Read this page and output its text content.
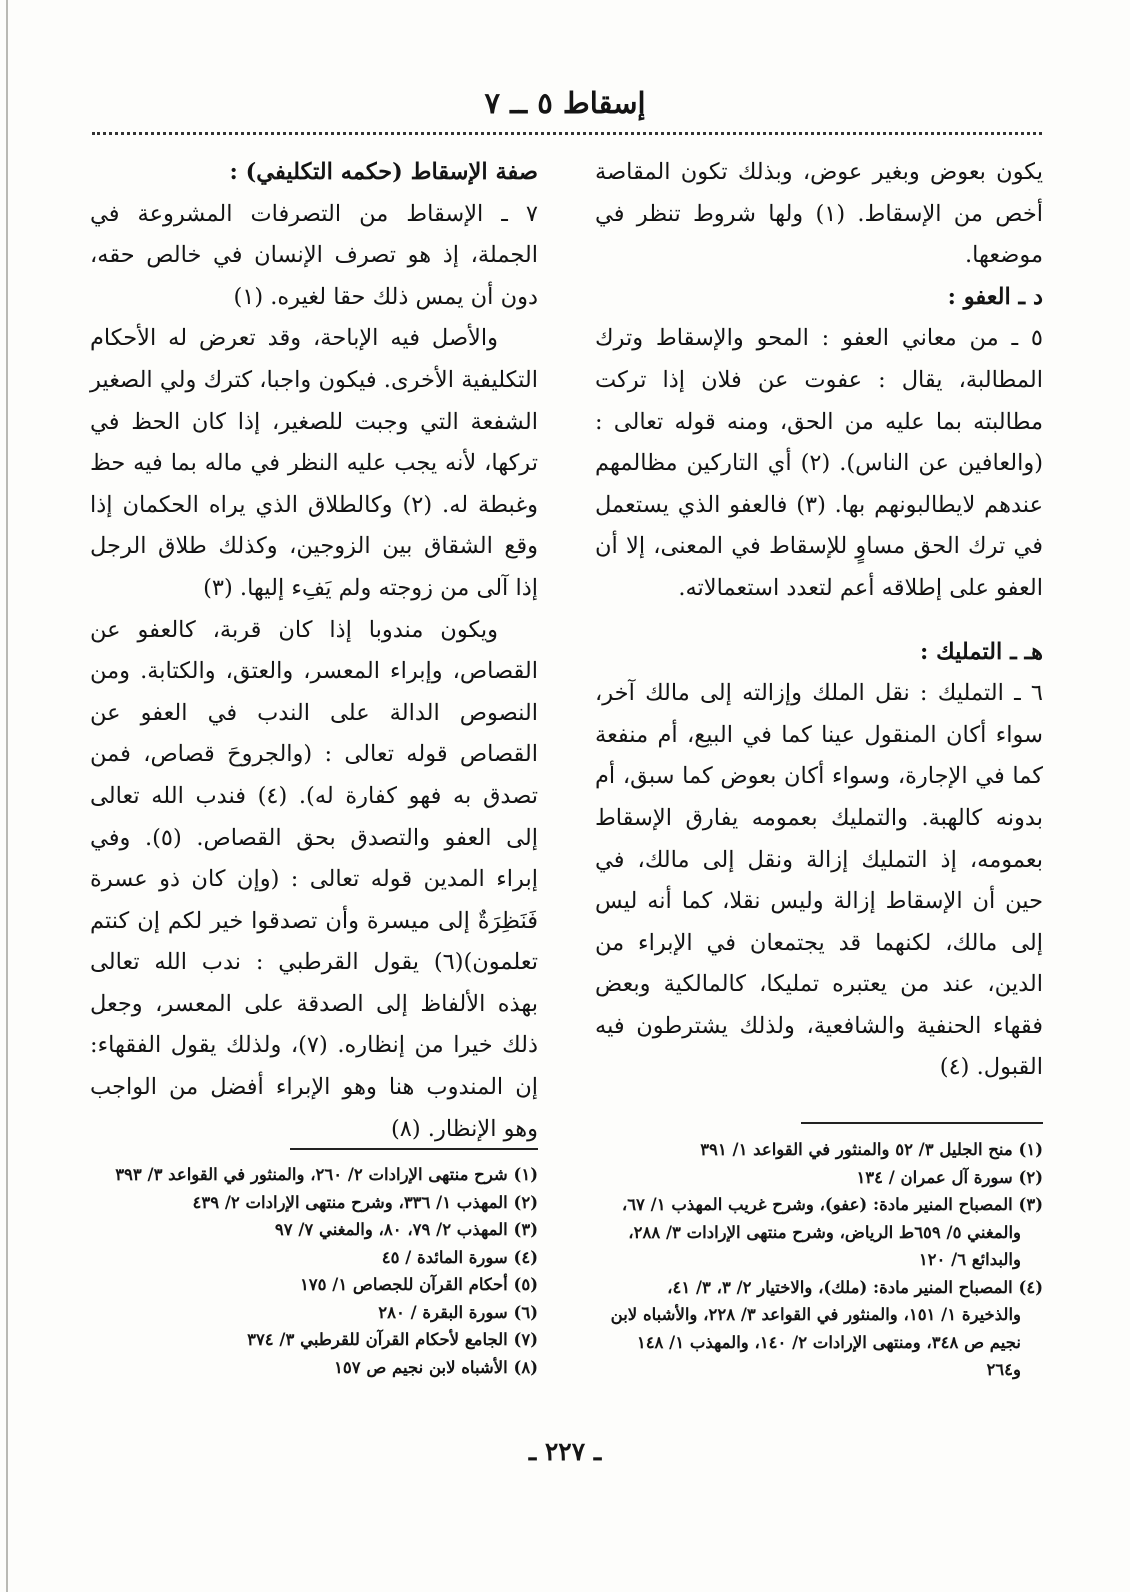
إسقاط ٥ ــ ٧

يكون بعوض وبغير عوض، وبذلك تكون المقاصة أخص من الإسقاط. (١) ولها شروط تنظر في موضعها.

د ـ العفو :

٥ ـ من معاني العفو : المحو والإسقاط وترك المطالبة، يقال : عفوت عن فلان إذا تركت مطالبته بما عليه من الحق، ومنه قوله تعالى : (والعافين عن الناس). (٢) أي التاركين مظالمهم عندهم لايطالبونهم بها. (٣) فالعفو الذي يستعمل في ترك الحق مساوٍ للإسقاط في المعنى، إلا أن العفو على إطلاقه أعم لتعدد استعمالاته.

هـ ـ التمليك :

٦ ـ التمليك : نقل الملك وإزالته إلى مالك آخر، سواء أكان المنقول عينا كما في البيع، أم منفعة كما في الإجارة، وسواء أكان بعوض كما سبق، أم بدونه كالهبة. والتمليك بعمومه يفارق الإسقاط بعمومه، إذ التمليك إزالة ونقل إلى مالك، في حين أن الإسقاط إزالة وليس نقلا، كما أنه ليس إلى مالك، لكنهما قد يجتمعان في الإبراء من الدين، عند من يعتبره تمليكا، كالمالكية وبعض فقهاء الحنفية والشافعية، ولذلك يشترطون فيه القبول. (٤)

(١) منح الجليل ٣/ ٥٢ والمنثور في القواعد ١/ ٣٩١

(٢) سورة آل عمران / ١٣٤

(٣) المصباح المنير مادة: (عفو)، وشرح غريب المهذب ١/ ٦٧،

والمغني ٥/ ٦٥٩ط الرياض، وشرح منتهى الإرادات ٣/ ٢٨٨،

والبدائع ٦/ ١٢٠

(٤) المصباح المنير مادة: (ملك)، والاختيار ٢/ ٣، ٣/ ٤١،

والذخيرة ١/ ١٥١، والمنثور في القواعد ٣/ ٢٢٨، والأشباه لابن

نجيم ص ٣٤٨، ومنتهى الإرادات ٢/ ١٤٠، والمهذب ١/ ١٤٨

و٢٦٤

صفة الإسقاط (حكمه التكليفي) :

٧ ـ الإسقاط من التصرفات المشروعة في الجملة، إذ هو تصرف الإنسان في خالص حقه، دون أن يمس ذلك حقا لغيره. (١)

والأصل فيه الإباحة، وقد تعرض له الأحكام التكليفية الأخرى. فيكون واجبا، كترك ولي الصغير الشفعة التي وجبت للصغير، إذا كان الحظ في تركها، لأنه يجب عليه النظر في ماله بما فيه حظ وغبطة له. (٢) وكالطلاق الذي يراه الحكمان إذا وقع الشقاق بين الزوجين، وكذلك طلاق الرجل إذا آلى من زوجته ولم يَفِء إليها. (٣)

ويكون مندوبا إذا كان قربة، كالعفو عن القصاص، وإبراء المعسر، والعتق، والكتابة. ومن النصوص الدالة على الندب في العفو عن القصاص قوله تعالى : (والجروحَ قصاص، فمن تصدق به فهو كفارة له). (٤) فندب الله تعالى إلى العفو والتصدق بحق القصاص. (٥). وفي إبراء المدين قوله تعالى : (وإن كان ذو عسرة فَنَظِرَةٌ إلى ميسرة وأن تصدقوا خير لكم إن كنتم تعلمون)(٦) يقول القرطبي : ندب الله تعالى بهذه الألفاظ إلى الصدقة على المعسر، وجعل ذلك خيرا من إنظاره. (٧)، ولذلك يقول الفقهاء: إن المندوب هنا وهو الإبراء أفضل من الواجب وهو الإنظار. (٨)

(١) شرح منتهى الإرادات ٢/ ٢٦٠، والمنثور في القواعد ٣/ ٣٩٣

(٢) المهذب ١/ ٣٣٦، وشرح منتهى الإرادات ٢/ ٤٣٩

(٣) المهذب ٢/ ٧٩، ٨٠، والمغني ٧/ ٩٧

(٤) سورة المائدة / ٤٥

(٥) أحكام القرآن للجصاص ١/ ١٧٥

(٦) سورة البقرة / ٢٨٠

(٧) الجامع لأحكام القرآن للقرطبي ٣/ ٣٧٤

(٨) الأشباه لابن نجيم ص ١٥٧

ـ ٢٢٧ ـ
